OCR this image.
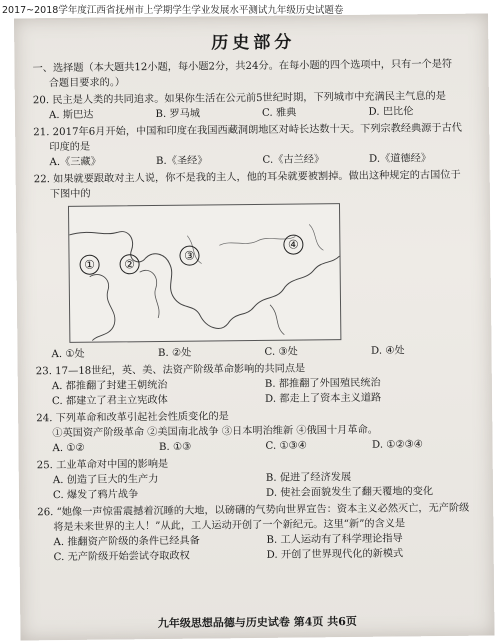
2017~2018学年度江西省抚州市上学期学生学业发展水平测试九年级历史试题卷
历史部分
一、选择题（本大题共12小题，每小题2分，共24分。在每小题的四个选项中，只有一个是符
合题目要求的。）
20. 民主是人类的共同追求。如果你生活在公元前5世纪时期，下列城市中充满民主气息的是
A. 斯巴达	B. 罗马城	C. 雅典	D. 巴比伦
21. 2017年6月开始，中国和印度在我国西藏洞朗地区对峙长达数十天。下列宗教经典源于古代
印度的是
A.《三藏》	B.《圣经》	C.《古兰经》	D.《道德经》
22. 如果就要跟敢对主人说，你不是我的主人，他的耳朵就要被割掉。做出这种规定的古国位于
下图中的
①	②
③
④
A. ①处	B. ②处	C. ③处	D. ④处
23. 17—18世纪，英、美、法资产阶级革命影响的共同点是
A. 都推翻了封建王朝统治	B. 都推翻了外国殖民统治
C. 都建立了君主立宪政体	D. 都走上了资本主义道路
24. 下列革命和改革引起社会性质变化的是
①英国资产阶级革命 ②美国南北战争 ③日本明治维新 ④俄国十月革命。
A. ①②	B. ①③	C. ①③④	D. ①②③④
25. 工业革命对中国的影响是
A. 创造了巨大的生产力	B. 促进了经济发展
C. 爆发了鸦片战争	D. 使社会面貌发生了翻天覆地的变化
26. “她像一声惊雷震撼着沉睡的大地，以磅礴的气势向世界宣告：资本主义必然灭亡，无产阶级
将是未来世界的主人！”从此，工人运动开创了一个新纪元。这里“新”的含义是
A. 推翻资产阶级的条件已经具备	B. 工人运动有了科学理论指导
C. 无产阶级开始尝试夺取政权	D. 开创了世界现代化的新模式
九年级思想品德与历史试卷 第4页 共6页
